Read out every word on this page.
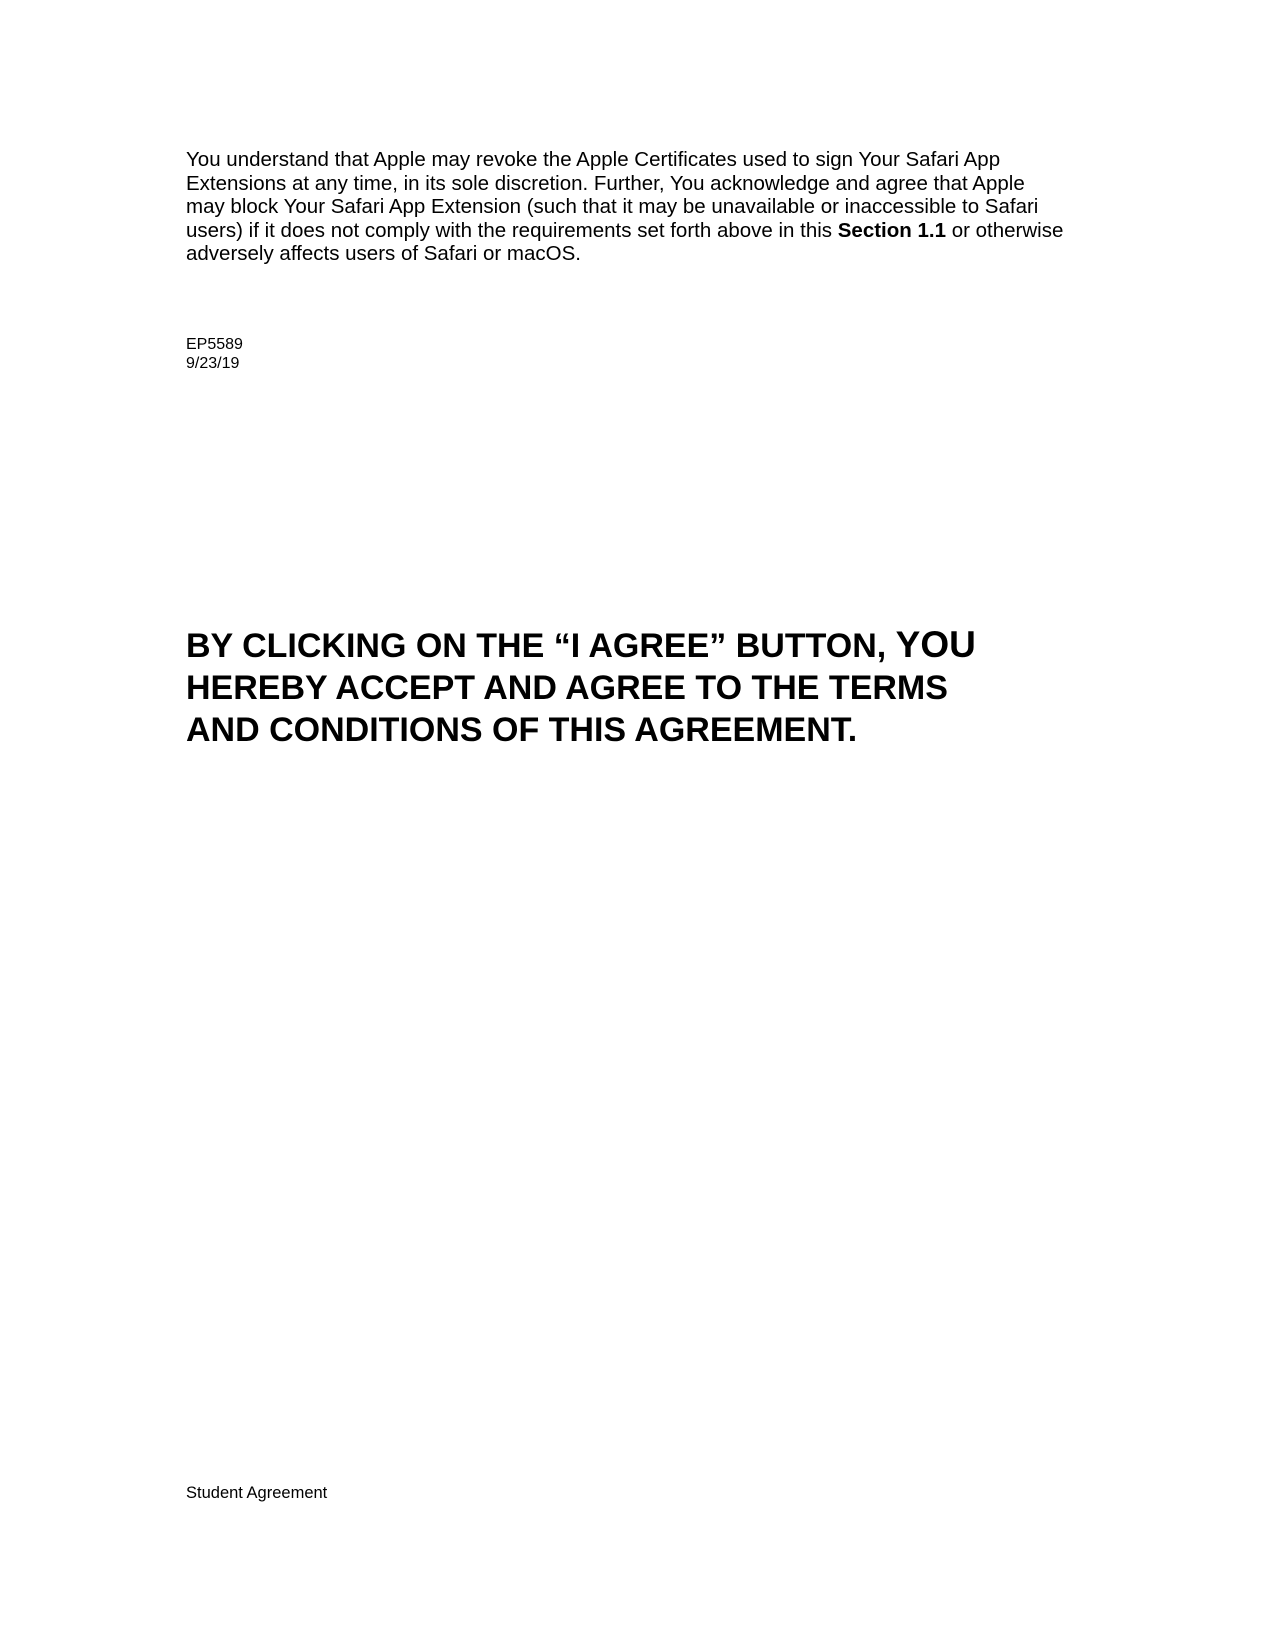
You understand that Apple may revoke the Apple Certificates used to sign Your Safari App
Extensions at any time, in its sole discretion. Further, You acknowledge and agree that Apple
may block Your Safari App Extension (such that it may be unavailable or inaccessible to Safari
users) if it does not comply with the requirements set forth above in this Section 1.1 or otherwise
adversely affects users of Safari or macOS.

EP5589
9/23/19
BY CLICKING ON THE “I AGREE” BUTTON, YOU
HEREBY ACCEPT AND AGREE TO THE TERMS
AND CONDITIONS OF THIS AGREEMENT.
Student Agreement
